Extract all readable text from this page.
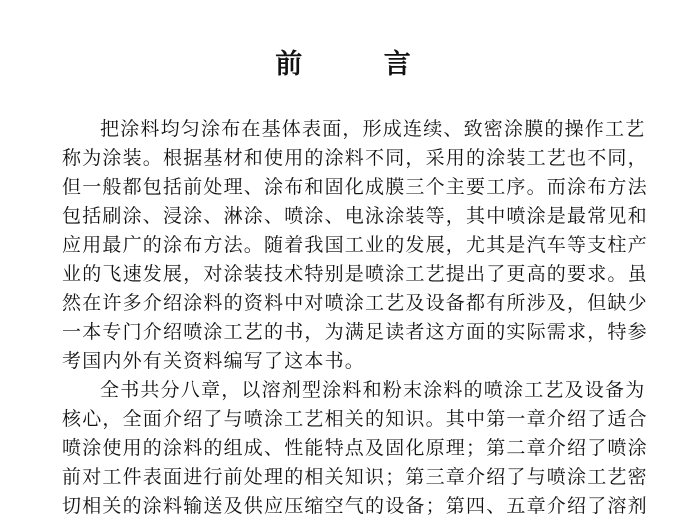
前 言
把涂料均匀涂布在基体表面，形成连续、致密涂膜的操作工艺
称为涂装。根据基材和使用的涂料不同，采用的涂装工艺也不同，
但一般都包括前处理、涂布和固化成膜三个主要工序。而涂布方法
包括刷涂、浸涂、淋涂、喷涂、电泳涂装等，其中喷涂是最常见和
应用最广的涂布方法。随着我国工业的发展，尤其是汽车等支柱产
业的飞速发展，对涂装技术特别是喷涂工艺提出了更高的要求。虽
然在许多介绍涂料的资料中对喷涂工艺及设备都有所涉及，但缺少
一本专门介绍喷涂工艺的书，为满足读者这方面的实际需求，特参
考国内外有关资料编写了这本书。
全书共分八章，以溶剂型涂料和粉末涂料的喷涂工艺及设备为
核心，全面介绍了与喷涂工艺相关的知识。其中第一章介绍了适合
喷涂使用的涂料的组成、性能特点及固化原理；第二章介绍了喷涂
前对工件表面进行前处理的相关知识；第三章介绍了与喷涂工艺密
切相关的涂料输送及供应压缩空气的设备；第四、五章介绍了溶剂
